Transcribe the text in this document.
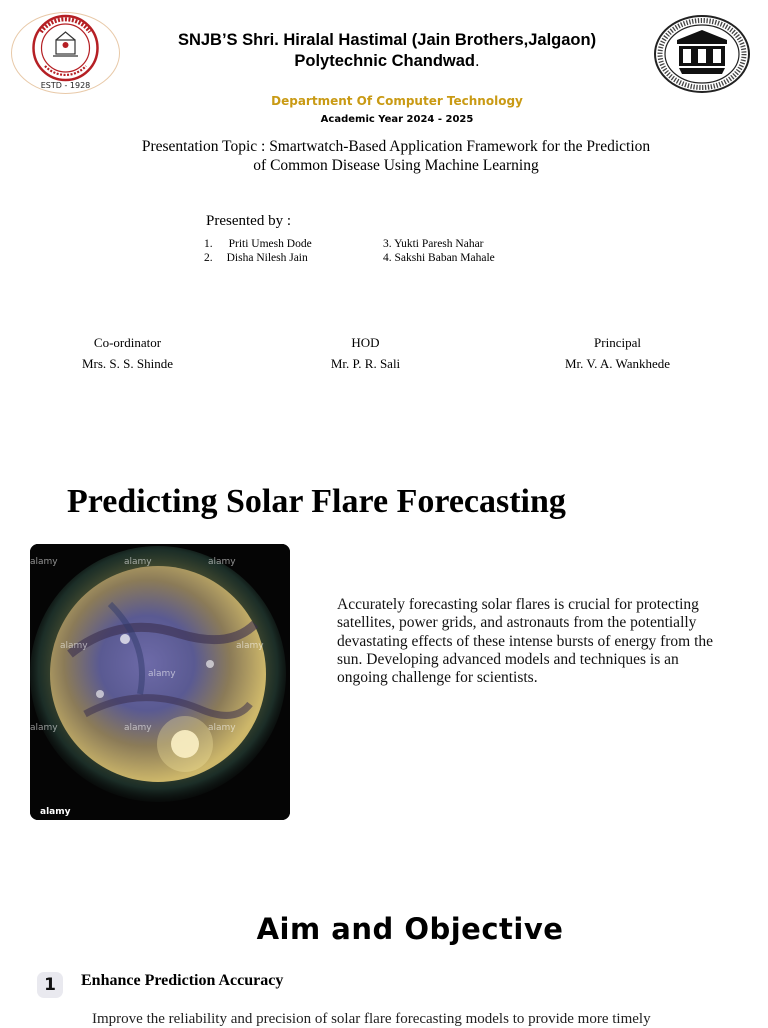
ESTD - 1928
SNJB’S Shri. Hiralal Hastimal (Jain Brothers,Jalgaon)
Polytechnic Chandwad.
Department Of Computer Technology
Academic Year 2024 - 2025
Presentation Topic : Smartwatch-Based Application Framework for the Prediction
of Common Disease Using Machine Learning
Presented by :
1. Priti Umesh Dode
2. Disha Nilesh Jain
3. Yukti Paresh Nahar
4. Sakshi Baban Mahale
Co-ordinator
Mrs. S. S. Shinde
HOD
Mr. P. R. Sali
Principal
Mr. V. A. Wankhede
Predicting Solar Flare Forecasting
alamy	alamy	alamy
alamy
alamy
alamy
alamy	alamy	alamy
alamy
Accurately forecasting solar flares is crucial for protecting satellites, power grids, and astronauts from the potentially devastating effects of these intense bursts of energy from the sun. Developing advanced models and techniques is an ongoing challenge for scientists.
Aim and Objective
1	Enhance Prediction Accuracy
Improve the reliability and precision of solar flare forecasting models to provide more timely
